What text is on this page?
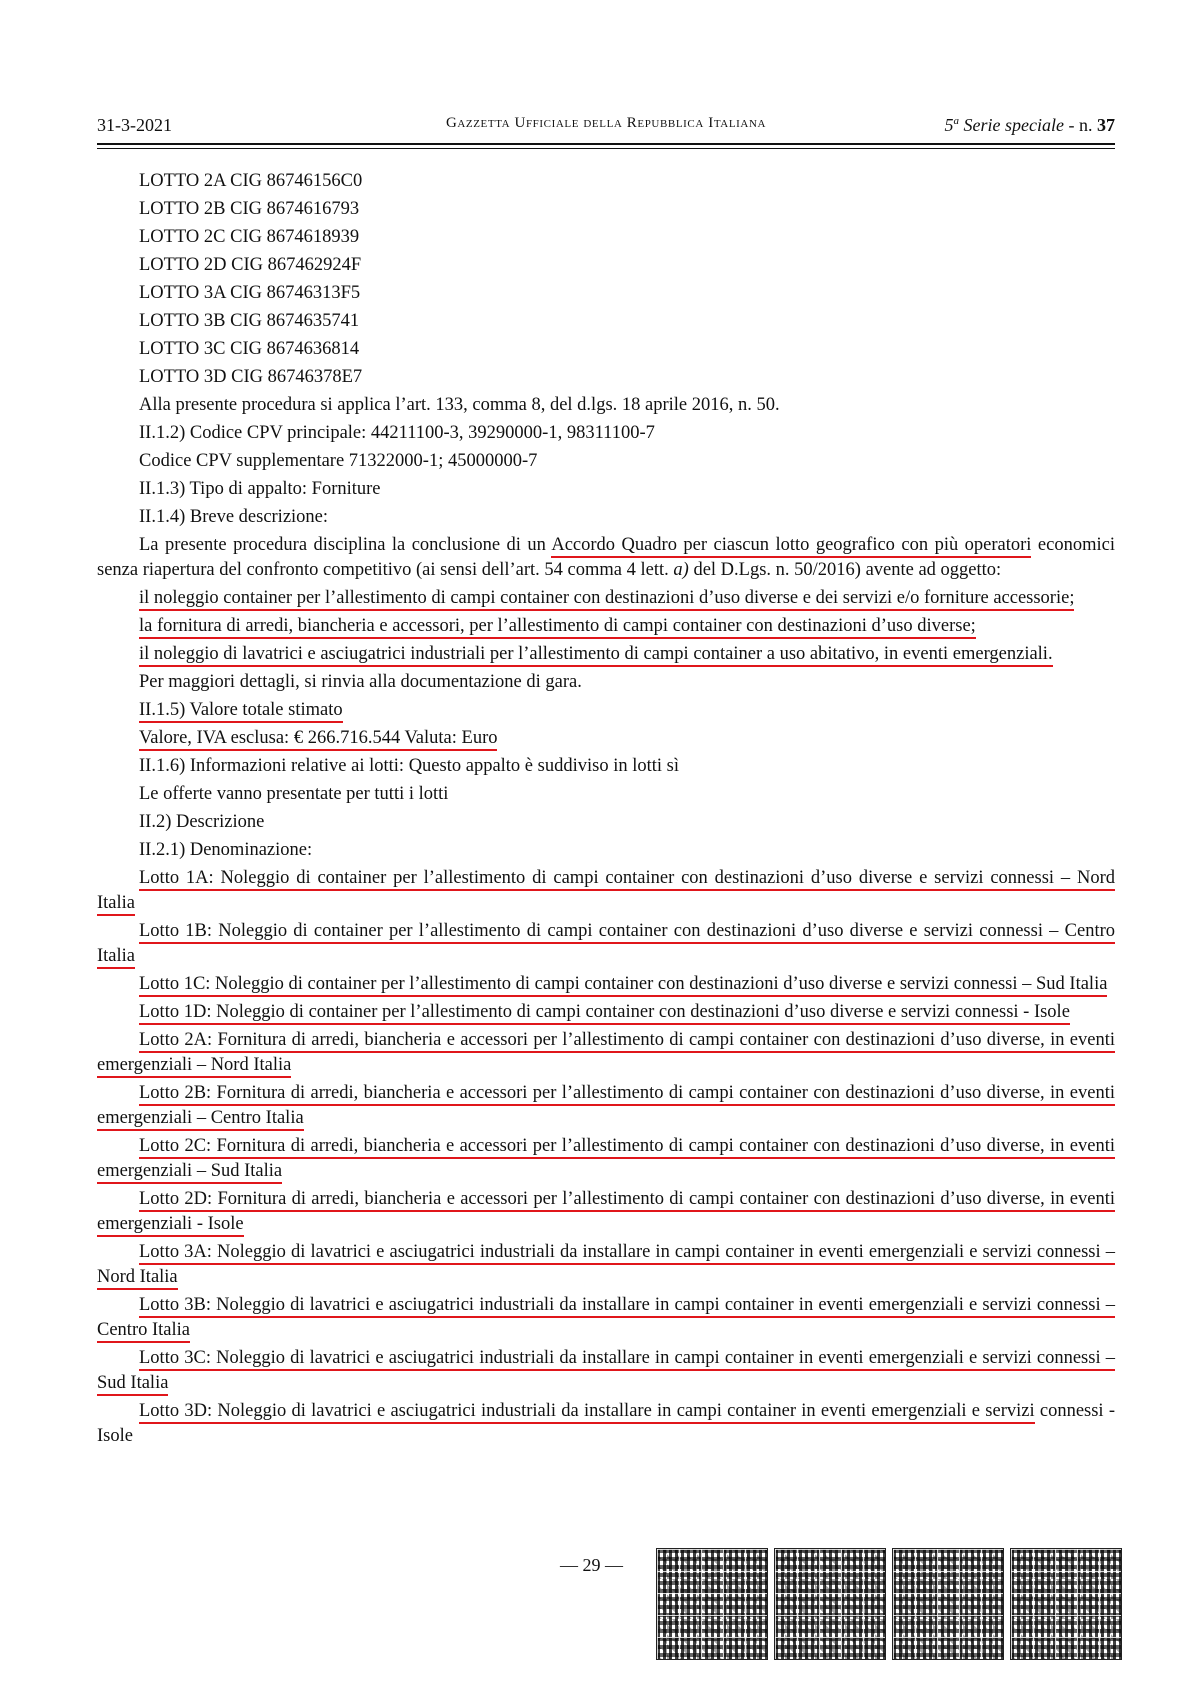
31-3-2021	Gazzetta Ufficiale della Repubblica Italiana	5$^a$ Serie speciale - n. 37

LOTTO 2A CIG 86746156C0

LOTTO 2B CIG 8674616793

LOTTO 2C CIG 8674618939

LOTTO 2D CIG 867462924F

LOTTO 3A CIG 86746313F5

LOTTO 3B CIG 8674635741

LOTTO 3C CIG 8674636814

LOTTO 3D CIG 86746378E7

Alla presente procedura si applica l’art. 133, comma 8, del d.lgs. 18 aprile 2016, n. 50.

II.1.2) Codice CPV principale: 44211100-3, 39290000-1, 98311100-7

Codice CPV supplementare 71322000-1; 45000000-7

II.1.3) Tipo di appalto: Forniture

II.1.4) Breve descrizione:

La presente procedura disciplina la conclusione di un Accordo Quadro per ciascun lotto geografico con più operatori economici senza riapertura del confronto competitivo (ai sensi dell’art. 54 comma 4 lett. a) del D.Lgs. n. 50/2016) avente ad oggetto:

il noleggio container per l’allestimento di campi container con destinazioni d’uso diverse e dei servizi e/o forniture accessorie;

la fornitura di arredi, biancheria e accessori, per l’allestimento di campi container con destinazioni d’uso diverse;

il noleggio di lavatrici e asciugatrici industriali per l’allestimento di campi container a uso abitativo, in eventi emergenziali.

Per maggiori dettagli, si rinvia alla documentazione di gara.

II.1.5) Valore totale stimato

Valore, IVA esclusa: € 266.716.544 Valuta: Euro

II.1.6) Informazioni relative ai lotti: Questo appalto è suddiviso in lotti sì

Le offerte vanno presentate per tutti i lotti

II.2) Descrizione

II.2.1) Denominazione:

Lotto 1A: Noleggio di container per l’allestimento di campi container con destinazioni d’uso diverse e servizi connessi – Nord Italia

Lotto 1B: Noleggio di container per l’allestimento di campi container con destinazioni d’uso diverse e servizi connessi – Centro Italia

Lotto 1C: Noleggio di container per l’allestimento di campi container con destinazioni d’uso diverse e servizi connessi – Sud Italia

Lotto 1D: Noleggio di container per l’allestimento di campi container con destinazioni d’uso diverse e servizi connessi - Isole

Lotto 2A: Fornitura di arredi, biancheria e accessori per l’allestimento di campi container con destinazioni d’uso diverse, in eventi emergenziali – Nord Italia

Lotto 2B: Fornitura di arredi, biancheria e accessori per l’allestimento di campi container con destinazioni d’uso diverse, in eventi emergenziali – Centro Italia

Lotto 2C: Fornitura di arredi, biancheria e accessori per l’allestimento di campi container con destinazioni d’uso diverse, in eventi emergenziali – Sud Italia

Lotto 2D: Fornitura di arredi, biancheria e accessori per l’allestimento di campi container con destinazioni d’uso diverse, in eventi emergenziali - Isole

Lotto 3A: Noleggio di lavatrici e asciugatrici industriali da installare in campi container in eventi emergenziali e servizi connessi – Nord Italia

Lotto 3B: Noleggio di lavatrici e asciugatrici industriali da installare in campi container in eventi emergenziali e servizi connessi – Centro Italia

Lotto 3C: Noleggio di lavatrici e asciugatrici industriali da installare in campi container in eventi emergenziali e servizi connessi – Sud Italia

Lotto 3D: Noleggio di lavatrici e asciugatrici industriali da installare in campi container in eventi emergenziali e servizi connessi - Isole

— 29 —
